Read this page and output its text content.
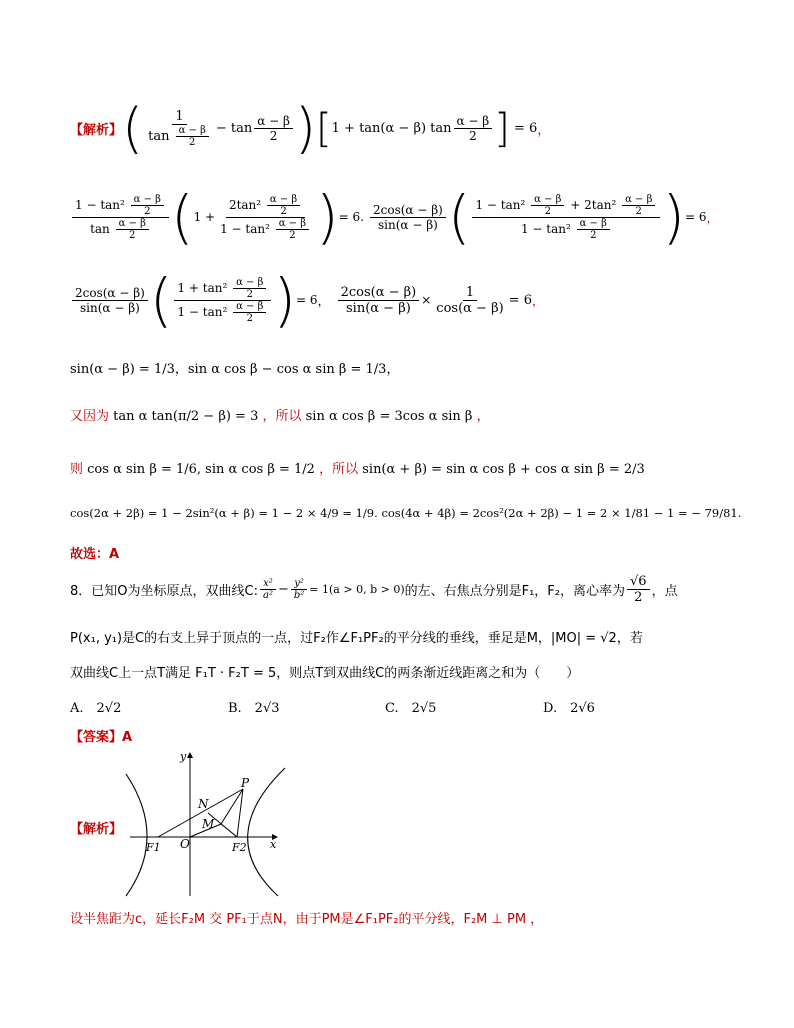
【解析】 ( $\frac{1}{\tan \frac{\alpha - \beta}{2}} - \tan \frac{\alpha - \beta}{2}$ ) [ 1 + tan(α − β) $\tan \frac{\alpha - \beta}{2}$ ] = 6 ，
$\frac{1 - \tan^2 \frac{\alpha - \beta}{2}}{\tan \frac{\alpha - \beta}{2}}$ ( $1 + \frac{2\tan^2 \frac{\alpha - \beta}{2}}{1 - \tan^2 \frac{\alpha - \beta}{2}}$ ) = 6 . $\frac{2\cos(\alpha - \beta)}{\sin(\alpha - \beta)}$ ( $\frac{1 - \tan^2 \frac{\alpha - \beta}{2} + 2\tan^2 \frac{\alpha - \beta}{2}}{1 - \tan^2 \frac{\alpha - \beta}{2}}$ ) = 6 ，
$\frac{2\cos(\alpha - \beta)}{\sin(\alpha - \beta)}$ ( $\frac{1 + \tan^2 \frac{\alpha - \beta}{2}}{1 - \tan^2 \frac{\alpha - \beta}{2}}$ ) = 6 ， $\frac{2\cos(\alpha - \beta)}{\sin(\alpha - \beta)} \times \frac{1}{\cos(\alpha - \beta)} = 6$ ，
sin(α − β) = 1/3，sin α cos β − cos α sin β = 1/3，
又因为 tan α tan(π/2 − β) = 3 ，所以 sin α cos β = 3cos α sin β ，
则 cos α sin β = 1/6, sin α cos β = 1/2 ，所以 sin(α + β) = sin α cos β + cos α sin β = 2/3
cos(2α + 2β) = 1 − 2sin²(α + β) = 1 − 2 × 4/9 = 1/9. cos(4α + 4β) = 2cos²(2α + 2β) − 1 = 2 × 1/81 − 1 = − 79/81.
故选：A
8． 已知O为坐标原点，双曲线C: $\frac{\text{x²}}{\text{a²}} - \frac{\text{y²}}{\text{b²}} = 1$ (a > 0, b > 0) 的左、右焦点分别是F₁，F₂，离心率为 $\frac{√6}{2}$ ，点
P(x₁, y₁)是C的右支上异于顶点的一点，过F₂作∠F₁PF₂的平分线的垂线，垂足是M，|MO| = √2，若
双曲线C上一点T满足 F₁T · F₂T = 5，则点T到双曲线C的两条渐近线距离之和为（　　）
A.　2√2	B.　2√3	C.　2√5	D.　2√6
【答案】A
【解析】
y
x
P
N
M
O
F1	F2
设半焦距为c，延长F₂M 交 PF₁于点N，由于PM是∠F₁PF₂的平分线，F₂M ⊥ PM ，
